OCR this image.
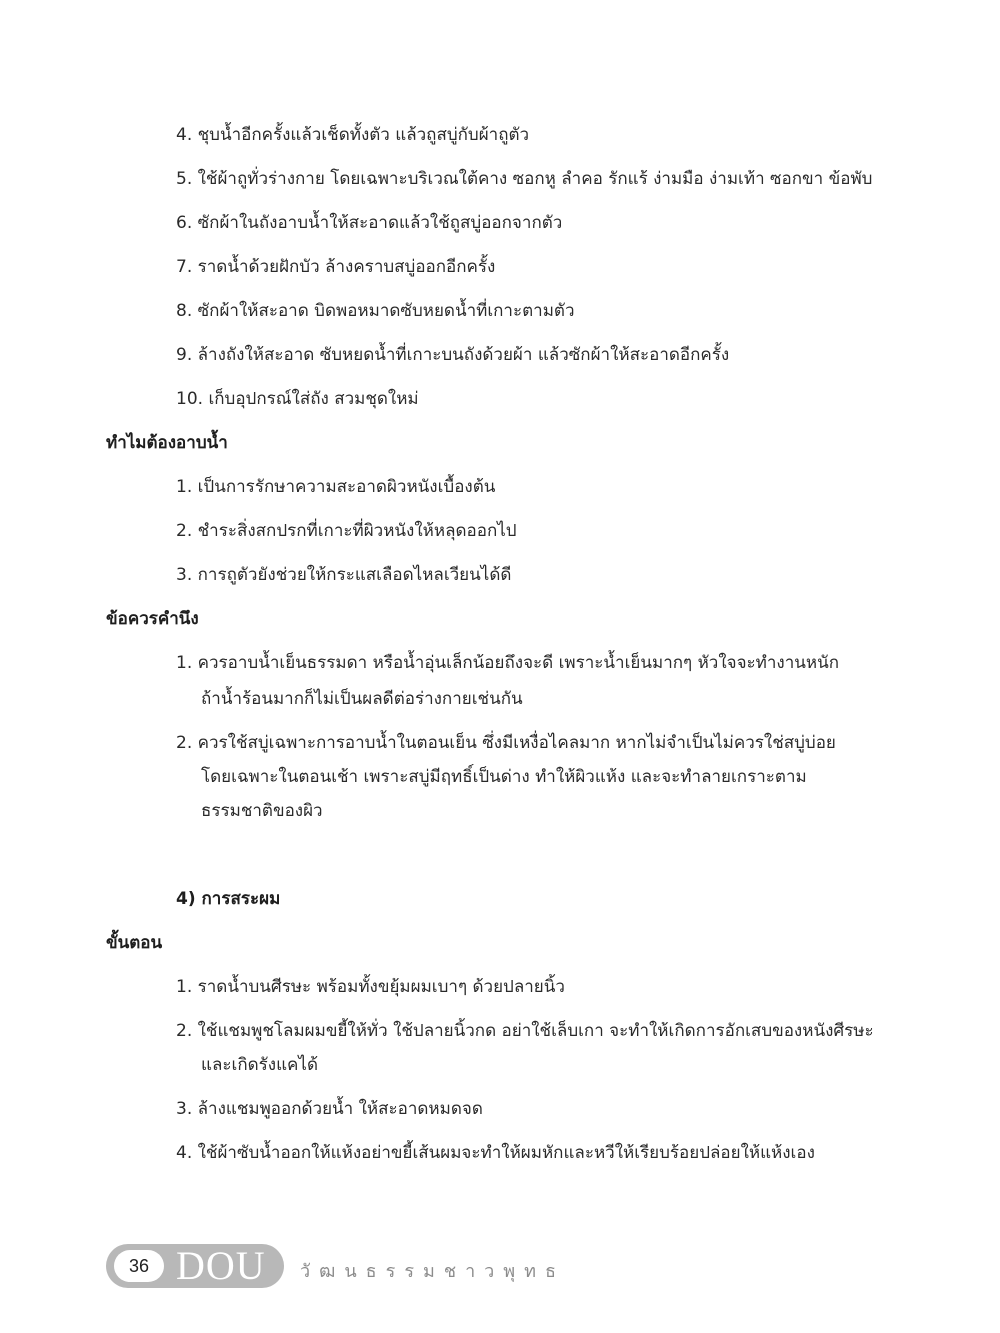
4. ชุบน้ำอีกครั้งแล้วเช็ดทั้งตัว แล้วถูสบู่กับผ้าถูตัว
5. ใช้ผ้าถูทั่วร่างกาย โดยเฉพาะบริเวณใต้คาง ซอกหู ลำคอ รักแร้ ง่ามมือ ง่ามเท้า ซอกขา ข้อพับ
6. ซักผ้าในถังอาบน้ำให้สะอาดแล้วใช้ถูสบู่ออกจากตัว
7. ราดน้ำด้วยฝักบัว ล้างคราบสบู่ออกอีกครั้ง
8. ซักผ้าให้สะอาด บิดพอหมาดซับหยดน้ำที่เกาะตามตัว
9. ล้างถังให้สะอาด ซับหยดน้ำที่เกาะบนถังด้วยผ้า แล้วซักผ้าให้สะอาดอีกครั้ง
10. เก็บอุปกรณ์ใส่ถัง สวมชุดใหม่
ทำไมต้องอาบน้ำ
1. เป็นการรักษาความสะอาดผิวหนังเบื้องต้น
2. ชำระสิ่งสกปรกที่เกาะที่ผิวหนังให้หลุดออกไป
3. การถูตัวยังช่วยให้กระแสเลือดไหลเวียนได้ดี
ข้อควรคำนึง
1. ควรอาบน้ำเย็นธรรมดา หรือน้ำอุ่นเล็กน้อยถึงจะดี เพราะน้ำเย็นมากๆ หัวใจจะทำงานหนัก
ถ้าน้ำร้อนมากก็ไม่เป็นผลดีต่อร่างกายเช่นกัน
2. ควรใช้สบู่เฉพาะการอาบน้ำในตอนเย็น ซึ่งมีเหงื่อไคลมาก หากไม่จำเป็นไม่ควรใช่สบู่บ่อย
โดยเฉพาะในตอนเช้า เพราะสบู่มีฤทธิ์เป็นด่าง ทำให้ผิวแห้ง และจะทำลายเกราะตาม
ธรรมชาติของผิว
4) การสระผม
ขั้นตอน
1. ราดน้ำบนศีรษะ พร้อมทั้งขยุ้มผมเบาๆ ด้วยปลายนิ้ว
2. ใช้แชมพูชโลมผมขยี้ให้ทั่ว ใช้ปลายนิ้วกด อย่าใช้เล็บเกา จะทำให้เกิดการอักเสบของหนังศีรษะ
และเกิดรังแคได้
3. ล้างแชมพูออกด้วยน้ำ ให้สะอาดหมดจด
4. ใช้ผ้าซับน้ำออกให้แห้งอย่าขยี้เส้นผมจะทำให้ผมหักและหวีให้เรียบร้อยปล่อยให้แห้งเอง
36 DOU วัฒนธรรมชาวพุทธ
